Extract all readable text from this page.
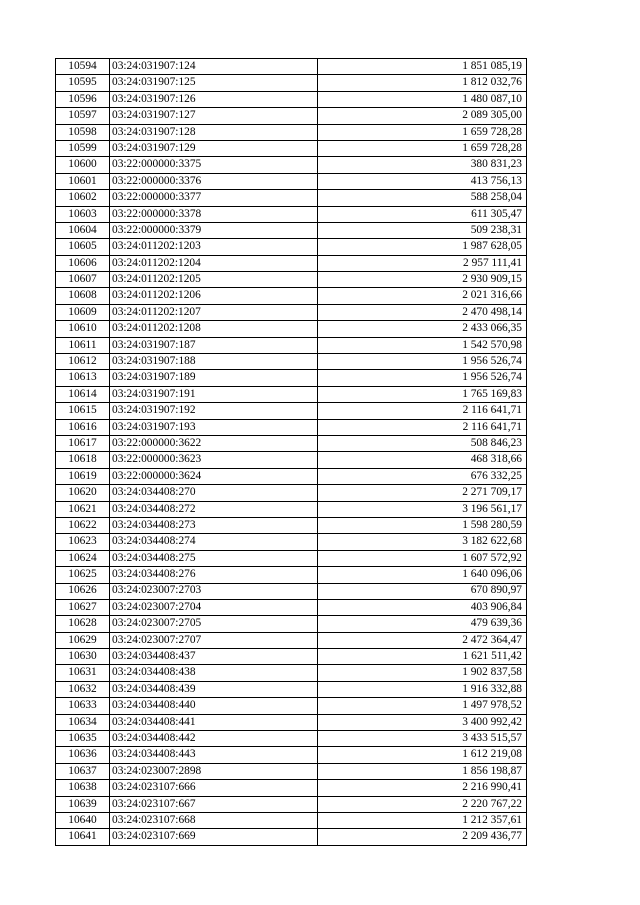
10594	03:24:031907:124	1 851 085,19
10595	03:24:031907:125	1 812 032,76
10596	03:24:031907:126	1 480 087,10
10597	03:24:031907:127	2 089 305,00
10598	03:24:031907:128	1 659 728,28
10599	03:24:031907:129	1 659 728,28
10600	03:22:000000:3375	380 831,23
10601	03:22:000000:3376	413 756,13
10602	03:22:000000:3377	588 258,04
10603	03:22:000000:3378	611 305,47
10604	03:22:000000:3379	509 238,31
10605	03:24:011202:1203	1 987 628,05
10606	03:24:011202:1204	2 957 111,41
10607	03:24:011202:1205	2 930 909,15
10608	03:24:011202:1206	2 021 316,66
10609	03:24:011202:1207	2 470 498,14
10610	03:24:011202:1208	2 433 066,35
10611	03:24:031907:187	1 542 570,98
10612	03:24:031907:188	1 956 526,74
10613	03:24:031907:189	1 956 526,74
10614	03:24:031907:191	1 765 169,83
10615	03:24:031907:192	2 116 641,71
10616	03:24:031907:193	2 116 641,71
10617	03:22:000000:3622	508 846,23
10618	03:22:000000:3623	468 318,66
10619	03:22:000000:3624	676 332,25
10620	03:24:034408:270	2 271 709,17
10621	03:24:034408:272	3 196 561,17
10622	03:24:034408:273	1 598 280,59
10623	03:24:034408:274	3 182 622,68
10624	03:24:034408:275	1 607 572,92
10625	03:24:034408:276	1 640 096,06
10626	03:24:023007:2703	670 890,97
10627	03:24:023007:2704	403 906,84
10628	03:24:023007:2705	479 639,36
10629	03:24:023007:2707	2 472 364,47
10630	03:24:034408:437	1 621 511,42
10631	03:24:034408:438	1 902 837,58
10632	03:24:034408:439	1 916 332,88
10633	03:24:034408:440	1 497 978,52
10634	03:24:034408:441	3 400 992,42
10635	03:24:034408:442	3 433 515,57
10636	03:24:034408:443	1 612 219,08
10637	03:24:023007:2898	1 856 198,87
10638	03:24:023107:666	2 216 990,41
10639	03:24:023107:667	2 220 767,22
10640	03:24:023107:668	1 212 357,61
10641	03:24:023107:669	2 209 436,77
